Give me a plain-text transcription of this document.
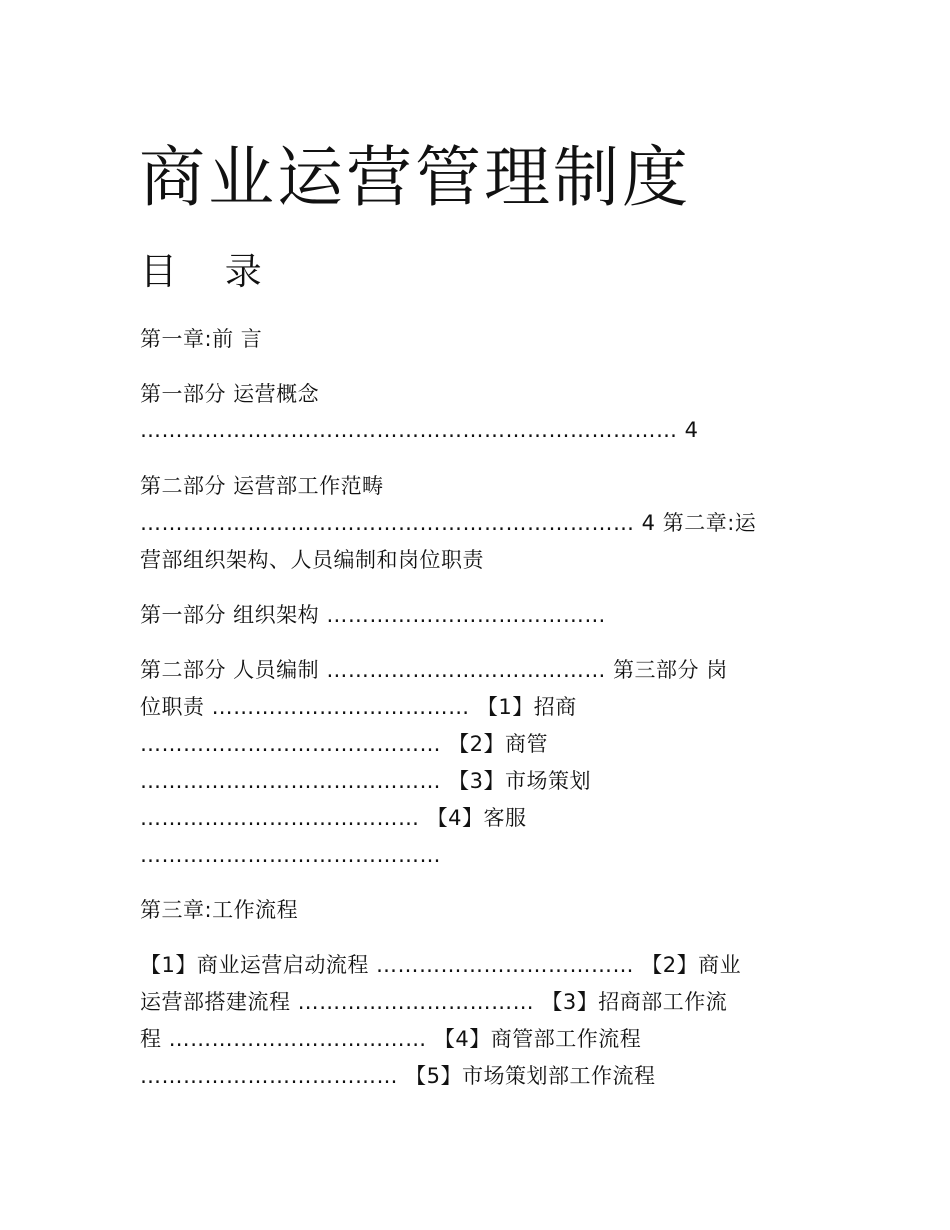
商业运营管理制度
目 录
第一章:前 言
第一部分 运营概念
………………………………………………………………… 4
第二部分 运营部工作范畴
…………………………………………………………… 4 第二章:运
营部组织架构、人员编制和岗位职责
第一部分 组织架构 …………………………………
第二部分 人员编制 ………………………………… 第三部分 岗
位职责 ……………………………… 【1】招商
…………………………………… 【2】商管
…………………………………… 【3】市场策划
………………………………… 【4】客服
……………………………………
第三章:工作流程
【1】商业运营启动流程 ……………………………… 【2】商业
运营部搭建流程 …………………………… 【3】招商部工作流
程 ……………………………… 【4】商管部工作流程
……………………………… 【5】市场策划部工作流程
